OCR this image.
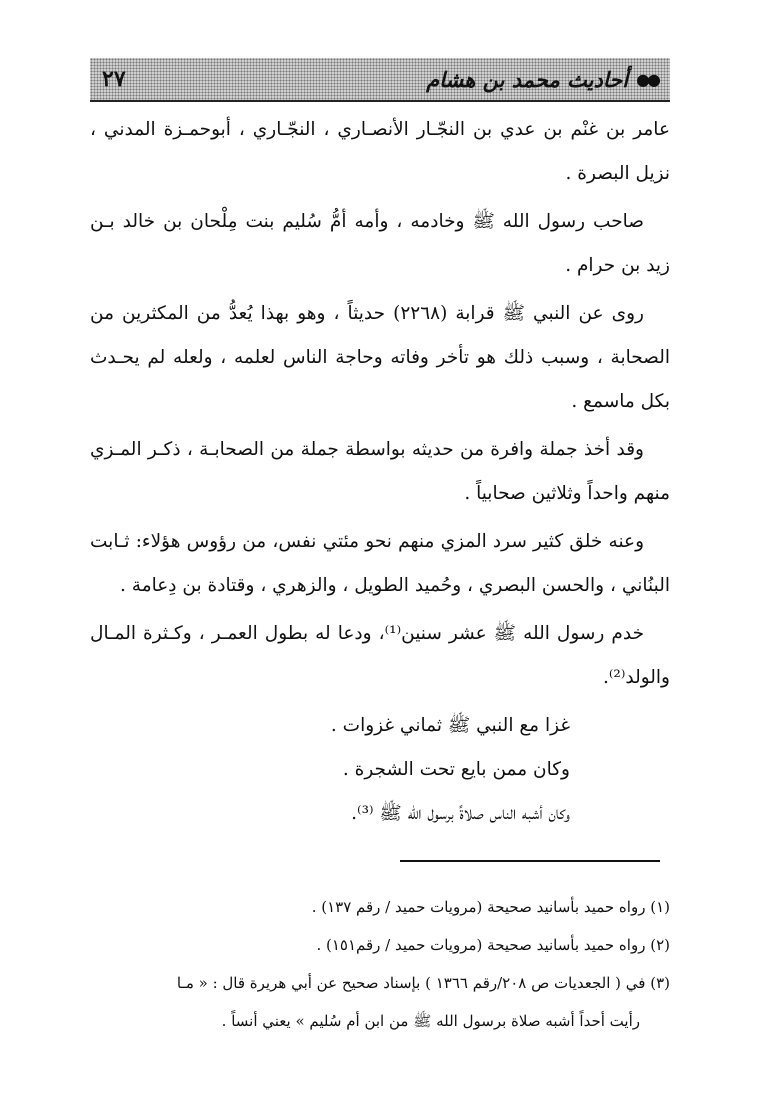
●●
أحاديث محمد بن هشام
٢٧

عامر بن غنْم بن عدي بن النجّـار الأنصـاري ، النجّـاري ، أبوحمـزة المدني ، نزيل البصرة .

صاحب رسول الله ﷺ وخادمه ، وأمه أمُّ سُليم بنت مِلْحان بن خالد بـن زيد بن حرام .

روى عن النبي ﷺ قرابة (٢٢٦٨) حديثاً ، وهو بهذا يُعدُّ من المكثرين من الصحابة ، وسبب ذلك هو تأخر وفاته وحاجة الناس لعلمه ، ولعله لم يحـدث بكل ماسمع .

وقد أخذ جملة وافرة من حديثه بواسطة جملة من الصحابـة ، ذكـر المـزي منهم واحداً وثلاثين صحابياً .

وعنه خلق كثير سرد المزي منهم نحو مئتي نفس، من رؤوس هؤلاء: ثـابت البنُاني ، والحسن البصري ، وحُميد الطويل ، والزهري ، وقتادة بن دِعامة .

خدم رسول الله ﷺ عشر سنين⁽¹⁾، ودعا له بطول العمـر ، وكـثرة المـال والولد⁽²⁾.

غزا مع النبي ﷺ ثماني غزوات .

وكان ممن بايع تحت الشجرة .

وكان أشبه الناس صلاةً برسول الله ﷺ ⁽³⁾.

(١) رواه حميد بأسانيد صحيحة (مرويات حميد / رقم ١٣٧) .

(٢) رواه حميد بأسانيد صحيحة (مرويات حميد / رقم١٥١) .

(٣) في ( الجعديات ص ٢٠٨/رقم ١٣٦٦ ) بإسناد صحيح عن أبي هريرة قال : « مـا

رأيت أحداً أشبه صلاة برسول الله ﷺ من ابن أم سُليم » يعني أنساً .
